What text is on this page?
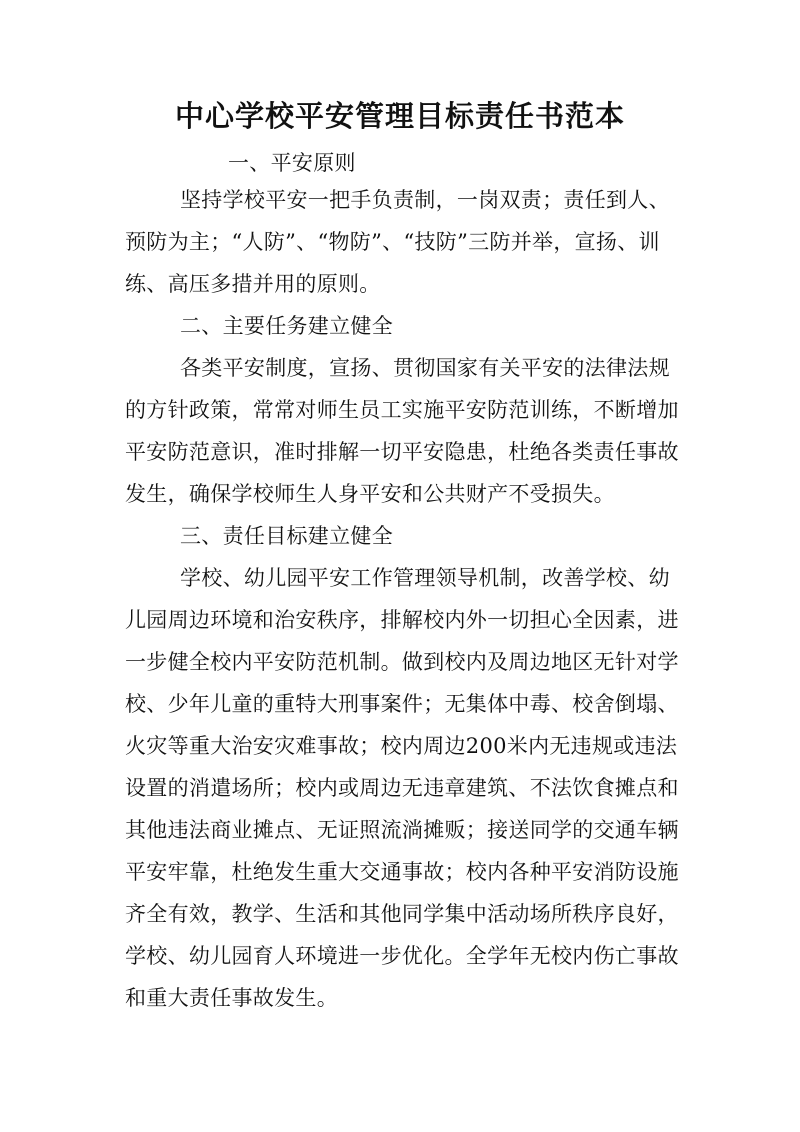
中心学校平安管理目标责任书范本
一、平安原则
坚持学校平安一把手负责制，一岗双责；责任到人、
预防为主；“人防”、“物防”、“技防”三防并举，宣扬、训
练、高压多措并用的原则。
二、主要任务建立健全
各类平安制度，宣扬、贯彻国家有关平安的法律法规
的方针政策，常常对师生员工实施平安防范训练，不断增加
平安防范意识，准时排解一切平安隐患，杜绝各类责任事故
发生，确保学校师生人身平安和公共财产不受损失。
三、责任目标建立健全
学校、幼儿园平安工作管理领导机制，改善学校、幼
儿园周边环境和治安秩序，排解校内外一切担心全因素，进
一步健全校内平安防范机制。做到校内及周边地区无针对学
校、少年儿童的重特大刑事案件；无集体中毒、校舍倒塌、
火灾等重大治安灾难事故；校内周边200米内无违规或违法
设置的消遣场所；校内或周边无违章建筑、不法饮食摊点和
其他违法商业摊点、无证照流淌摊贩；接送同学的交通车辆
平安牢靠，杜绝发生重大交通事故；校内各种平安消防设施
齐全有效，教学、生活和其他同学集中活动场所秩序良好，
学校、幼儿园育人环境进一步优化。全学年无校内伤亡事故
和重大责任事故发生。
